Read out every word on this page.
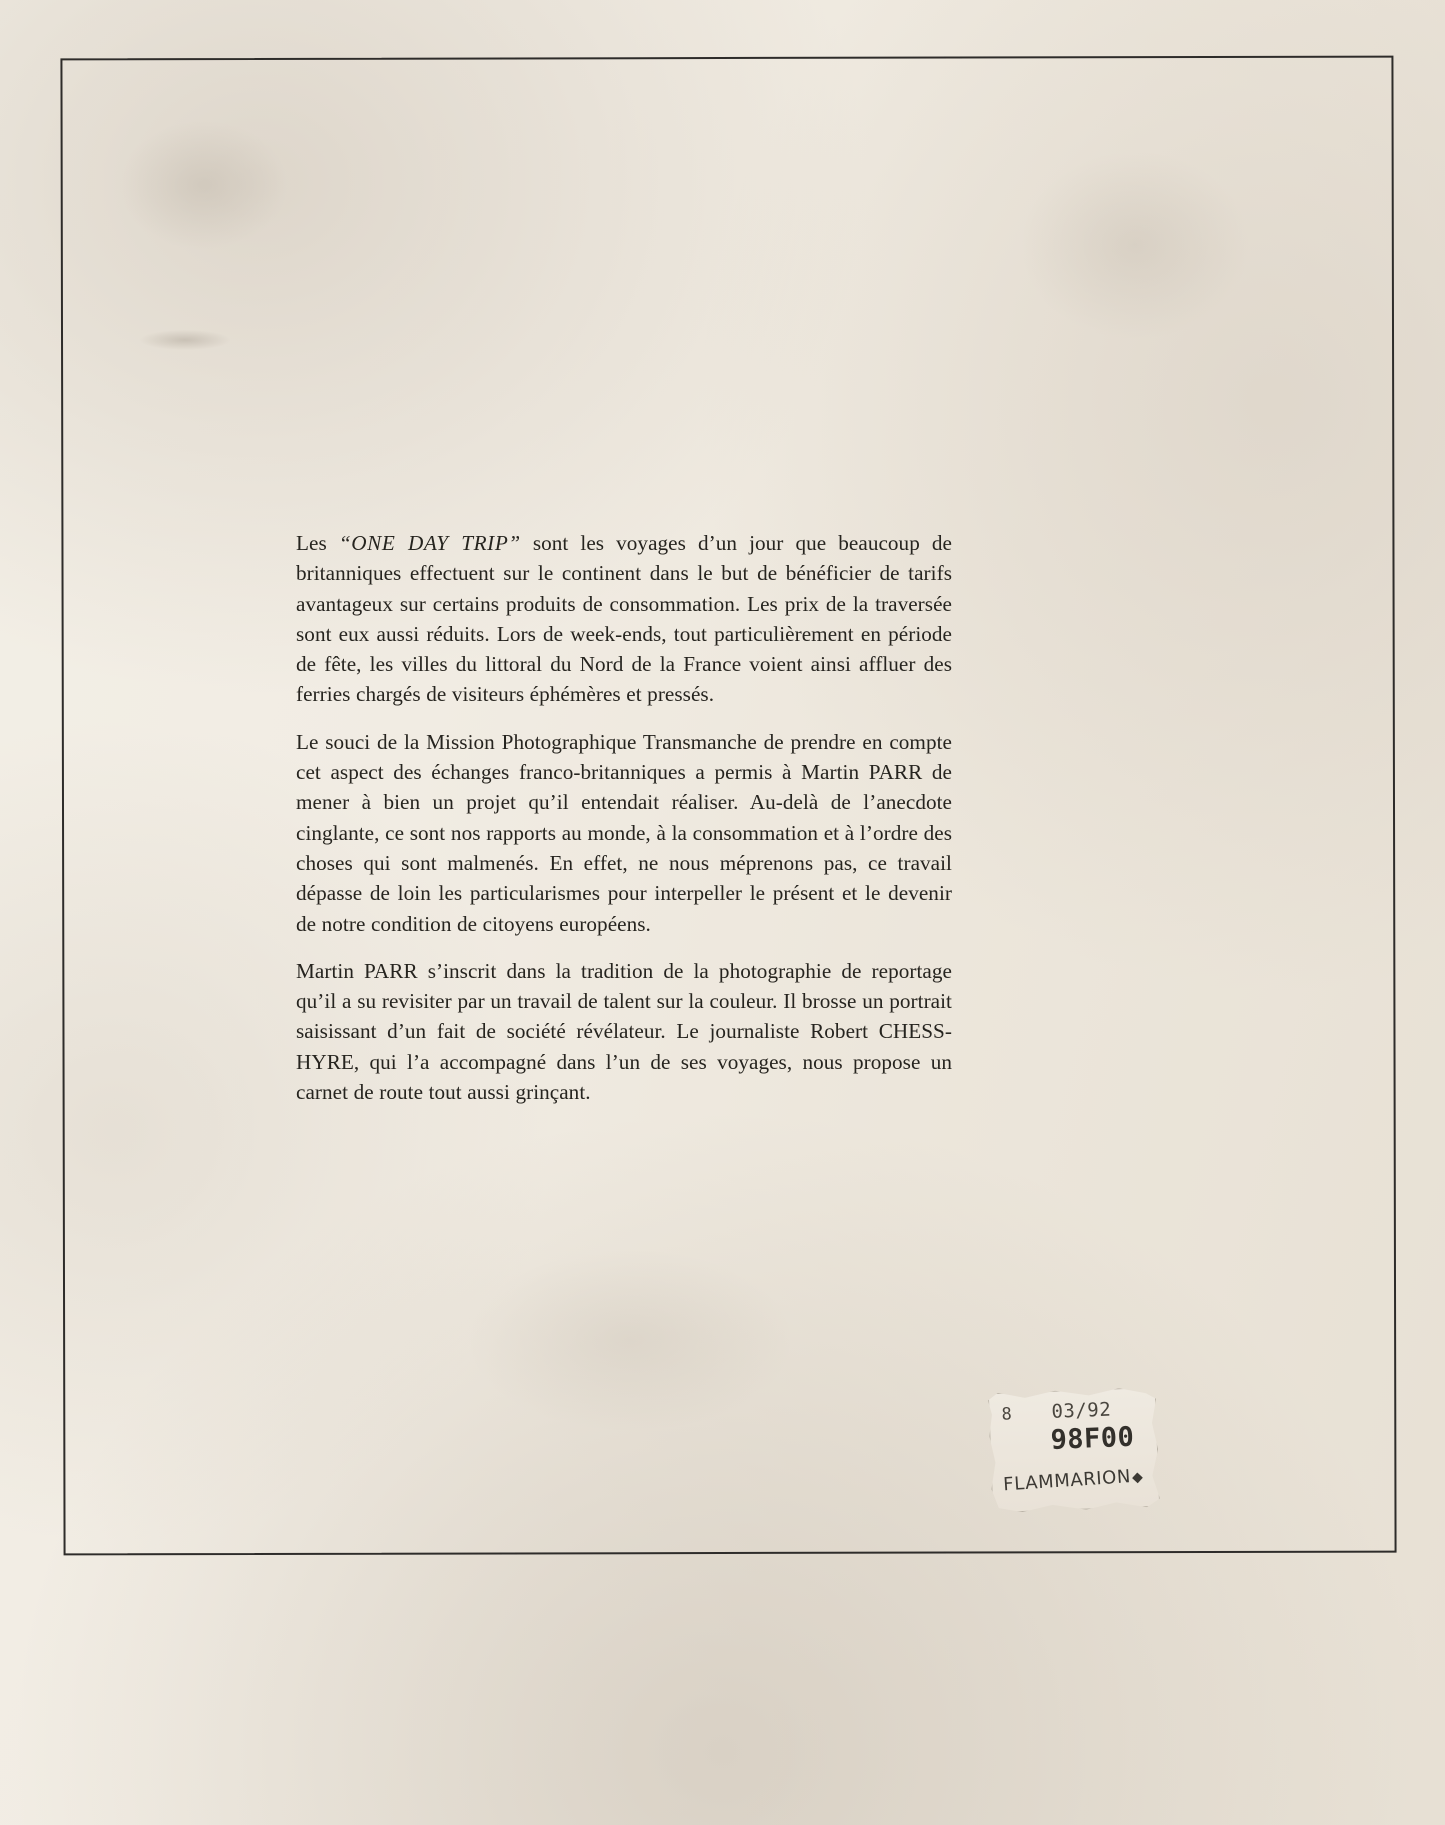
Les “ONE DAY TRIP” sont les voyages d’un jour que beaucoup de britanniques effectuent sur le continent dans le but de bénéficier de tarifs avantageux sur certains produits de consommation. Les prix de la traversée sont eux aussi réduits. Lors de week-ends, tout particulièrement en période de fête, les villes du littoral du Nord de la France voient ainsi affluer des ferries chargés de visiteurs éphémères et pressés.

Le souci de la Mission Photographique Transmanche de prendre en compte cet aspect des échanges franco-britanniques a permis à Martin PARR de mener à bien un projet qu’il entendait réaliser. Au-delà de l’anecdote cinglante, ce sont nos rapports au monde, à la consommation et à l’ordre des choses qui sont malmenés. En effet, ne nous méprenons pas, ce travail dépasse de loin les particularismes pour interpeller le présent et le devenir de notre condition de citoyens européens.

Martin PARR s’inscrit dans la tradition de la photographie de reportage qu’il a su revisiter par un travail de talent sur la couleur. Il brosse un portrait saisissant d’un fait de société révélateur. Le journaliste Robert CHESS-HYRE, qui l’a accompagné dans l’un de ses voyages, nous propose un carnet de route tout aussi grinçant.

8 03/92
98F00
FLAMMARION ◆
